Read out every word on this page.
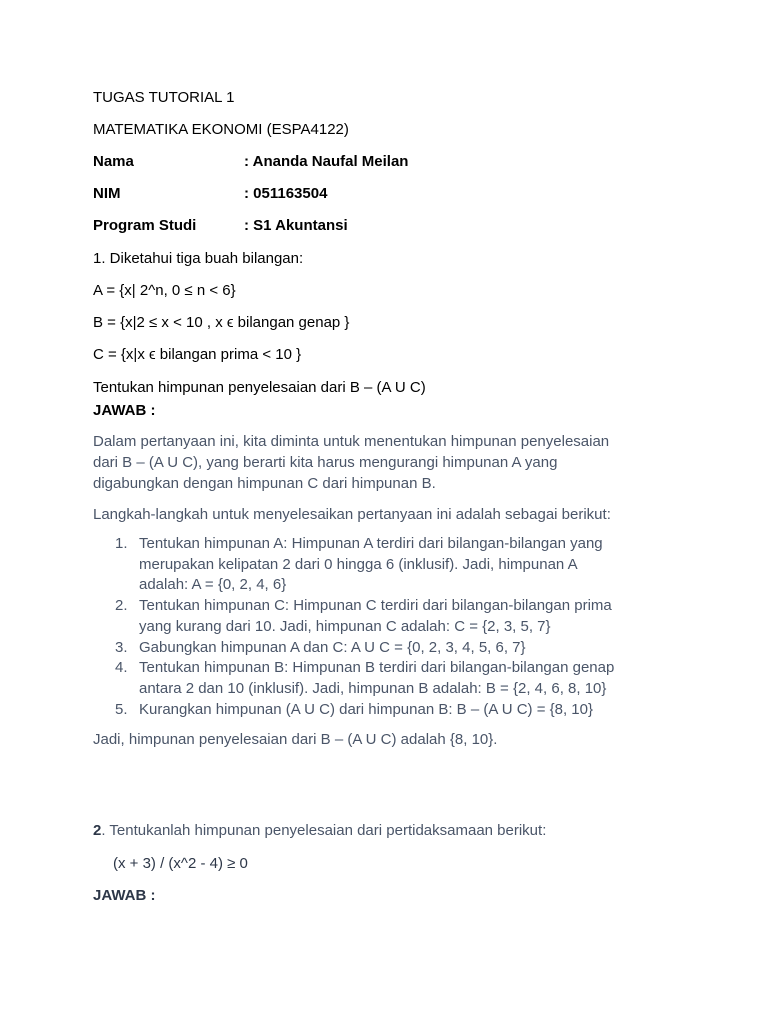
TUGAS TUTORIAL 1
MATEMATIKA EKONOMI (ESPA4122)
Nama	: Ananda Naufal Meilan
NIM	: 051163504
Program Studi	: S1 Akuntansi
1. Diketahui tiga buah bilangan:
A = {x| 2^n, 0 ≤ n < 6}
B = {x|2 ≤ x < 10 , x ϵ bilangan genap }
C = {x|x ϵ bilangan prima < 10 }
Tentukan himpunan penyelesaian dari B – (A U C)
JAWAB :

Dalam pertanyaan ini, kita diminta untuk menentukan himpunan penyelesaian

dari B – (A U C), yang berarti kita harus mengurangi himpunan A yang

digabungkan dengan himpunan C dari himpunan B.

Langkah-langkah untuk menyelesaikan pertanyaan ini adalah sebagai berikut:
1. Tentukan himpunan A: Himpunan A terdiri dari bilangan-bilangan yang
merupakan kelipatan 2 dari 0 hingga 6 (inklusif). Jadi, himpunan A
adalah: A = {0, 2, 4, 6}
2. Tentukan himpunan C: Himpunan C terdiri dari bilangan-bilangan prima
yang kurang dari 10. Jadi, himpunan C adalah: C = {2, 3, 5, 7}
3. Gabungkan himpunan A dan C: A U C = {0, 2, 3, 4, 5, 6, 7}
4. Tentukan himpunan B: Himpunan B terdiri dari bilangan-bilangan genap
antara 2 dan 10 (inklusif). Jadi, himpunan B adalah: B = {2, 4, 6, 8, 10}
5. Kurangkan himpunan (A U C) dari himpunan B: B – (A U C) = {8, 10}
Jadi, himpunan penyelesaian dari B – (A U C) adalah {8, 10}.
2. Tentukanlah himpunan penyelesaian dari pertidaksamaan berikut:
(x + 3) / (x^2 - 4) ≥ 0
JAWAB :
